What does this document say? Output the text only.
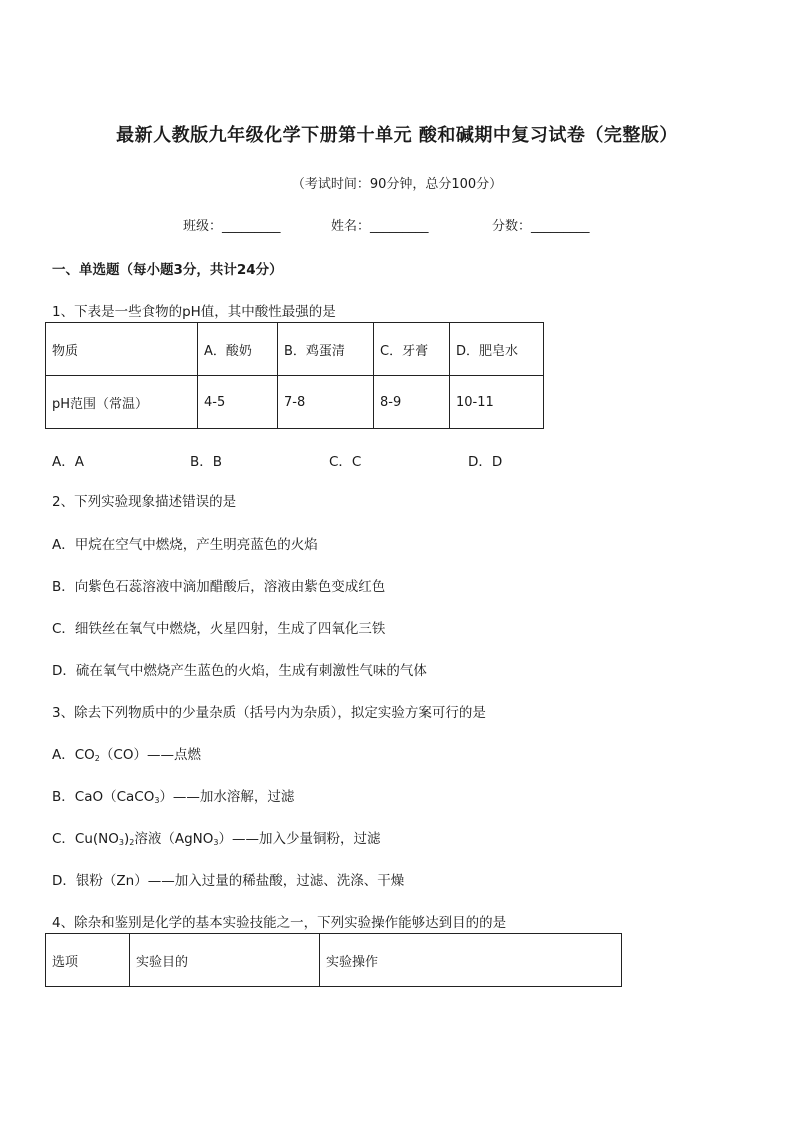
最新人教版九年级化学下册第十单元 酸和碱期中复习试卷（完整版）
（考试时间：90分钟，总分100分）
班级：_________	姓名：_________	分数：_________
一、单选题（每小题3分，共计24分）
1、下表是一些食物的pH值，其中酸性最强的是
物质	A．酸奶	B．鸡蛋清	C．牙膏	D．肥皂水
pH范围（常温）	4-5	7-8	8-9	10-11
A．A	B．B	C．C	D．D
2、下列实验现象描述错误的是
A．甲烷在空气中燃烧，产生明亮蓝色的火焰
B．向紫色石蕊溶液中滴加醋酸后，溶液由紫色变成红色
C．细铁丝在氧气中燃烧，火星四射，生成了四氧化三铁
D．硫在氧气中燃烧产生蓝色的火焰，生成有刺激性气味的气体
3、除去下列物质中的少量杂质（括号内为杂质），拟定实验方案可行的是
A．$CO_2(CO)——$点燃
B．CaO（CaCO$_3$）——加水溶解，过滤
C．$Cu(NO_3)_2$溶液（AgNO$_3$）——加入少量铜粉，过滤
D．银粉（Zn）——加入过量的稀盐酸，过滤、洗涤、干燥
4、除杂和鉴别是化学的基本实验技能之一，下列实验操作能够达到目的的是
选项	实验目的	实验操作
